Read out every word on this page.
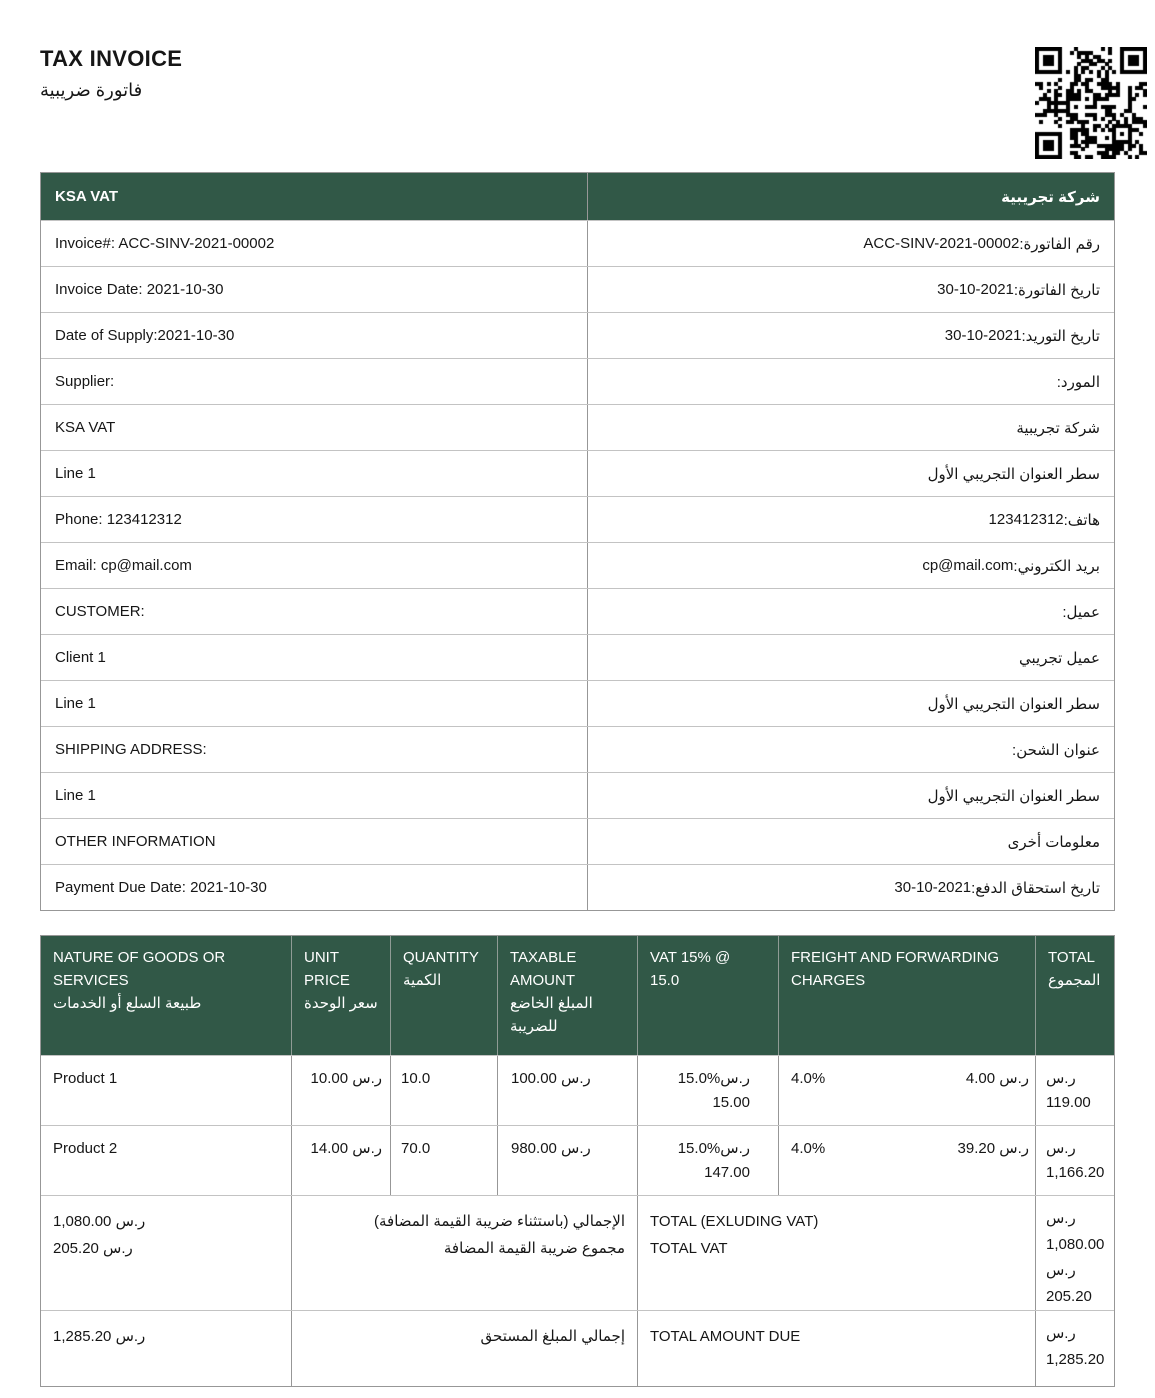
TAX INVOICE
فاتورة ضريبية
KSA VAT	شركة تجريبية
Invoice#: ACC-SINV-2021-00002	رقم الفاتورة:
ACC-SINV-2021-00002
Invoice Date: 2021-10-30	تاريخ الفاتورة:
30-10-2021
Date of Supply:2021-10-30	تاريخ التوريد:
30-10-2021
Supplier:	المورد:
KSA VAT	شركة تجريبية
Line 1	سطر العنوان التجريبي الأول
Phone: 123412312	هاتف:
123412312
Email: cp@mail.com	بريد الكتروني:
cp@mail.com
CUSTOMER:	عميل:
Client 1	عميل تجريبي
Line 1	سطر العنوان التجريبي الأول
SHIPPING ADDRESS:	عنوان الشحن:
Line 1	سطر العنوان التجريبي الأول
OTHER INFORMATION	معلومات أخرى
Payment Due Date: 2021-10-30	تاريخ استحقاق الدفع:
30-10-2021
NATURE OF GOODS OR SERVICES
طبيعة السلع أو الخدمات
UNIT PRICE
سعر الوحدة
QUANTITY
الكمية
TAXABLE AMOUNT
المبلغ الخاضع للضريبة
VAT 15% @ 15.0
FREIGHT AND FORWARDING CHARGES
TOTAL
المجموع
Product 1	10.00 ر.س	10.0	100.00 ر.س	15.0%ر.س
15.00
4.0%	4.00 ر.س	ر.س
119.00
Product 2	14.00 ر.س	70.0	980.00 ر.س	15.0%ر.س
147.00
4.0%	39.20 ر.س	ر.س
1,166.20
1,080.00 ر.س
205.20 ر.س
الإجمالي (باستثناء ضريبة القيمة المضافة)
مجموع ضريبة القيمة المضافة
TOTAL (EXLUDING VAT)
TOTAL VAT
ر.س
1,080.00
ر.س
205.20
1,285.20 ر.س	إجمالي المبلغ المستحق	TOTAL AMOUNT DUE	ر.س
1,285.20
